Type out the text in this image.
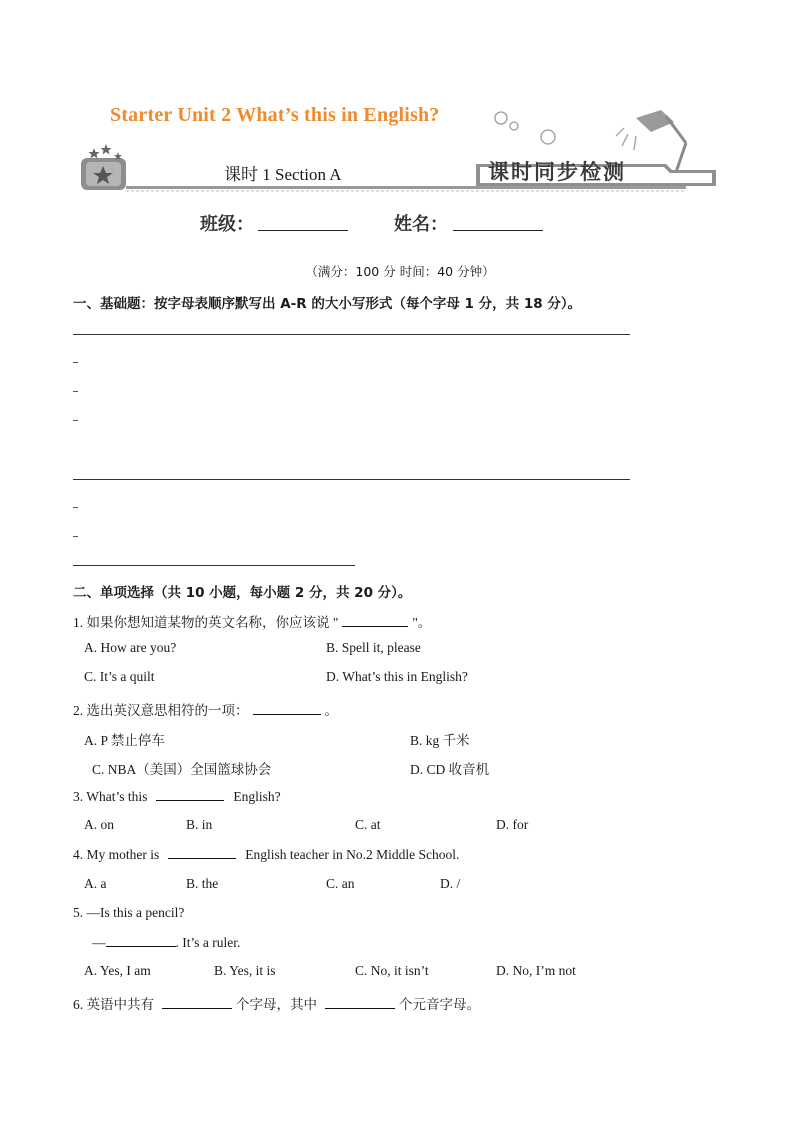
Starter Unit 2 What’s this in English?
课时 1 Section A	课时同步检测
班级：	姓名：
（满分：100 分 时间：40 分钟）
一、基础题：按字母表顺序默写出 A-R 的大小写形式（每个字母 1 分，共 18 分）。
二、单项选择（共 10 小题，每小题 2 分，共 20 分）。
1. 如果你想知道某物的英文名称，你应该说 "	"。
A. How are you?	B. Spell it, please
C. It’s a quilt	D. What’s this in English?
2. 选出英汉意思相符的一项：	。
A. P 禁止停车	B. kg 千米
C. NBA（美国）全国篮球协会	D. CD 收音机
3. What’s this	English?
A. on	B. in	C. at	D. for
4. My mother is	English teacher in No.2 Middle School.
A. a	B. the	C. an	D. /
5. —Is this a pencil?
—	. It’s a ruler.
A. Yes, I am	B. Yes, it is	C. No, it isn’t	D. No, I’m not
6. 英语中共有	个字母，其中	个元音字母。
